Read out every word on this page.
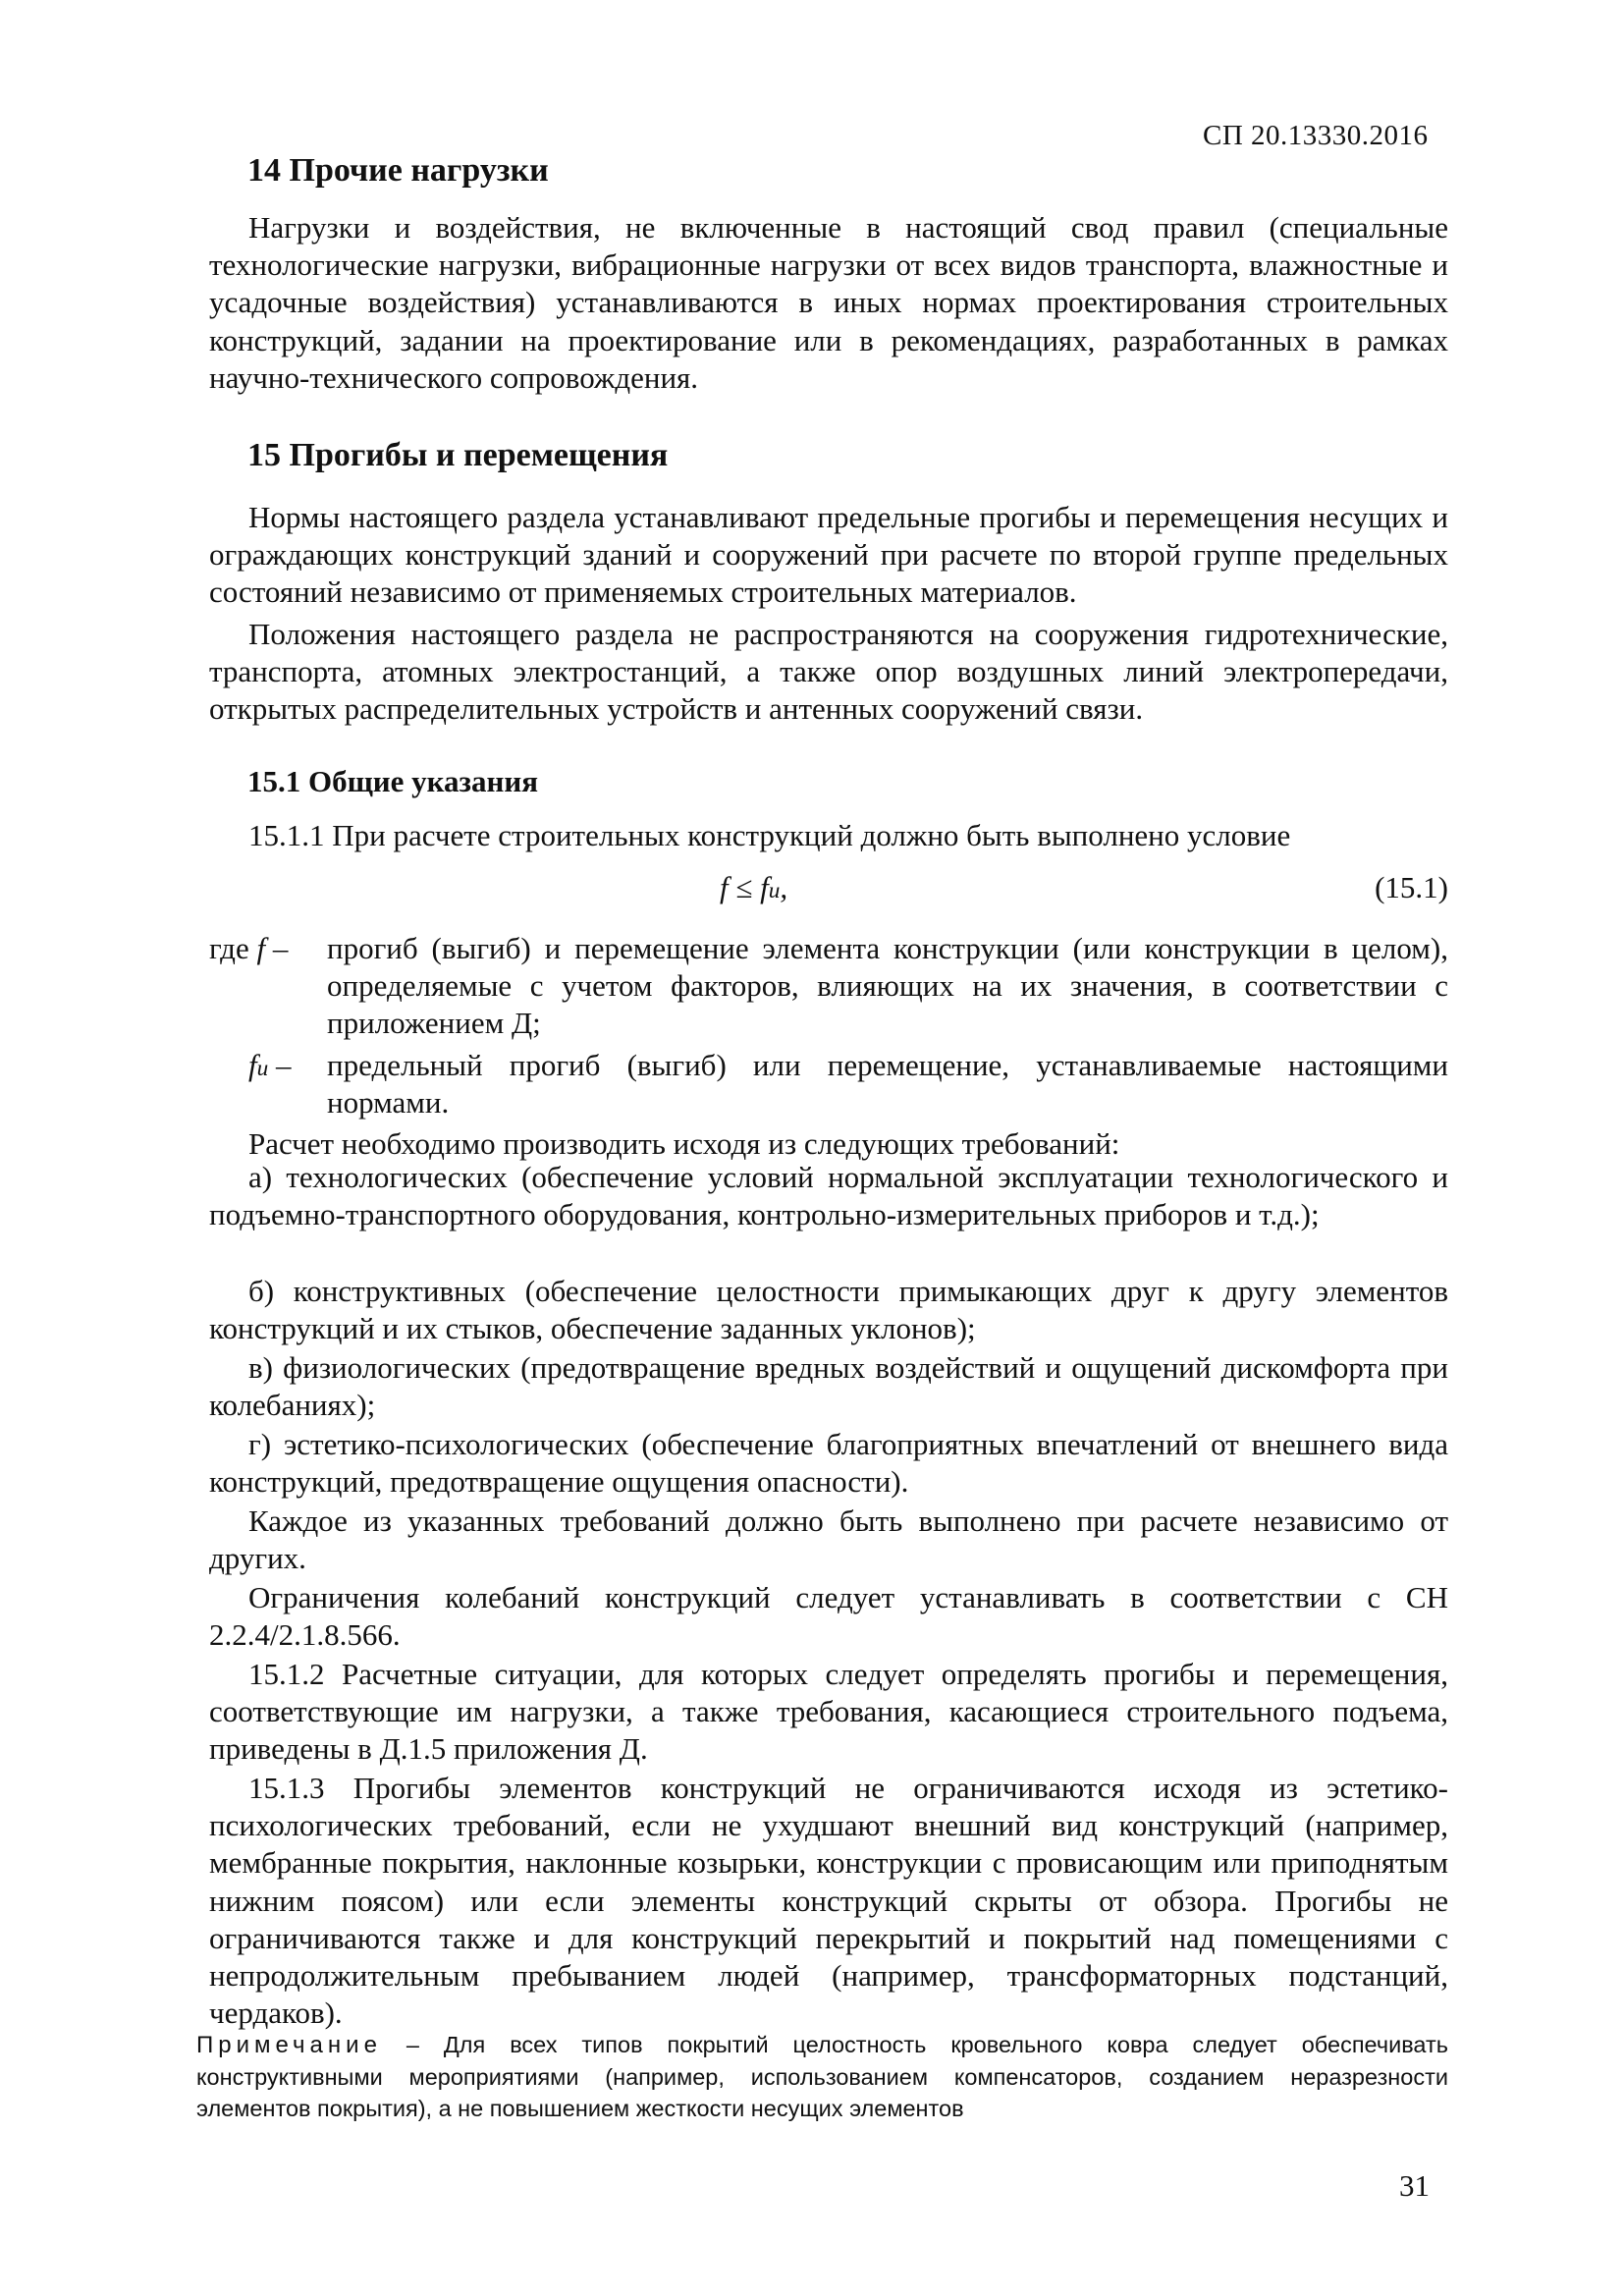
СП 20.13330.2016
14 Прочие нагрузки
Нагрузки и воздействия, не включенные в настоящий свод правил (специальные технологические нагрузки, вибрационные нагрузки от всех видов транспорта, влажностные и усадочные воздействия) устанавливаются в иных нормах проектирования строительных конструкций, задании на проектирование или в рекомендациях, разработанных в рамках научно-технического сопровождения.
15 Прогибы и перемещения
Нормы настоящего раздела устанавливают предельные прогибы и перемещения несущих и ограждающих конструкций зданий и сооружений при расчете по второй группе предельных состояний независимо от применяемых строительных материалов.
Положения настоящего раздела не распространяются на сооружения гидротехнические, транспорта, атомных электростанций, а также опор воздушных линий электропередачи, открытых распределительных устройств и антенных сооружений связи.
15.1 Общие указания
15.1.1 При расчете строительных конструкций должно быть выполнено условие
f ≤ fu,	(15.1)
где f – прогиб (выгиб) и перемещение элемента конструкции (или конструкции в целом), определяемые с учетом факторов, влияющих на их значения, в соответствии с приложением Д;
fu – предельный прогиб (выгиб) или перемещение, устанавливаемые настоящими нормами.
Расчет необходимо производить исходя из следующих требований:
а) технологических (обеспечение условий нормальной эксплуатации технологического и подъемно-транспортного оборудования, контрольно-измерительных приборов и т.д.);
б) конструктивных (обеспечение целостности примыкающих друг к другу элементов конструкций и их стыков, обеспечение заданных уклонов);
в) физиологических (предотвращение вредных воздействий и ощущений дискомфорта при колебаниях);
г) эстетико-психологических (обеспечение благоприятных впечатлений от внешнего вида конструкций, предотвращение ощущения опасности).
Каждое из указанных требований должно быть выполнено при расчете независимо от других.
Ограничения колебаний конструкций следует устанавливать в соответствии с СН 2.2.4/2.1.8.566.
15.1.2 Расчетные ситуации, для которых следует определять прогибы и перемещения, соответствующие им нагрузки, а также требования, касающиеся строительного подъема, приведены в Д.1.5 приложения Д.
15.1.3 Прогибы элементов конструкций не ограничиваются исходя из эстетико-психологических требований, если не ухудшают внешний вид конструкций (например, мембранные покрытия, наклонные козырьки, конструкции с провисающим или приподнятым нижним поясом) или если элементы конструкций скрыты от обзора. Прогибы не ограничиваются также и для конструкций перекрытий и покрытий над помещениями с непродолжительным пребыванием людей (например, трансформаторных подстанций, чердаков).
Примечание – Для всех типов покрытий целостность кровельного ковра следует обеспечивать конструктивными мероприятиями (например, использованием компенсаторов, созданием неразрезности элементов покрытия), а не повышением жесткости несущих элементов
31
